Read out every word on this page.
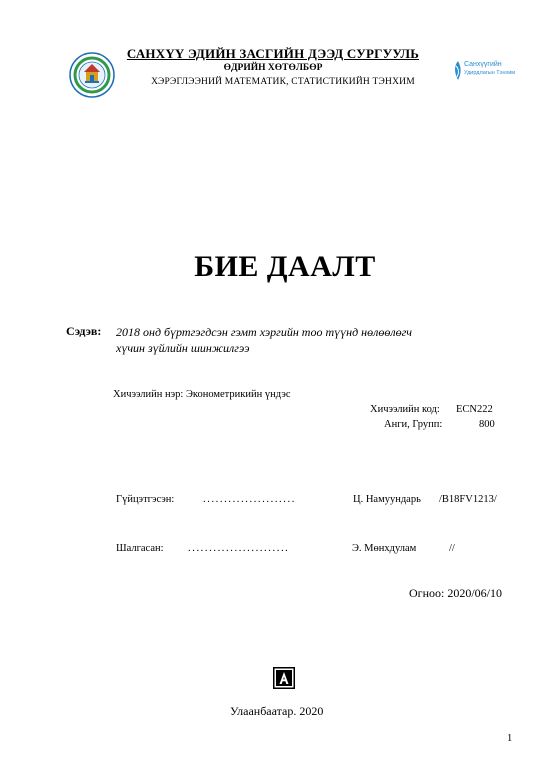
Санхүүгийн
Удирдлагын Тэнхим
САНХҮҮ ЭДИЙН ЗАСГИЙН ДЭЭД СУРГУУЛЬ
ӨДРИЙН ХӨТӨЛБӨР
ХЭРЭГЛЭЭНИЙ МАТЕМАТИК, СТАТИСТИКИЙН ТЭНХИМ
БИЕ ДААЛТ
Сэдэв: 2018 онд бүртгэгдсэн гэмт хэргийн тоо түүнд нөлөөлөгч
хүчин зүйлийн шинжилгээ
Хичээлийн нэр: Эконометрикийн үндэс
Хичээлийн код: ECN222
Анги, Групп:	800
Гүйцэтгэсэн:	......................	Ц. Намуундарь /B18FV1213/
Шалгасан: ........................	Э. Мөнхдулам	//
Огноо: 2020/06/10
Улаанбаатар. 2020
1
